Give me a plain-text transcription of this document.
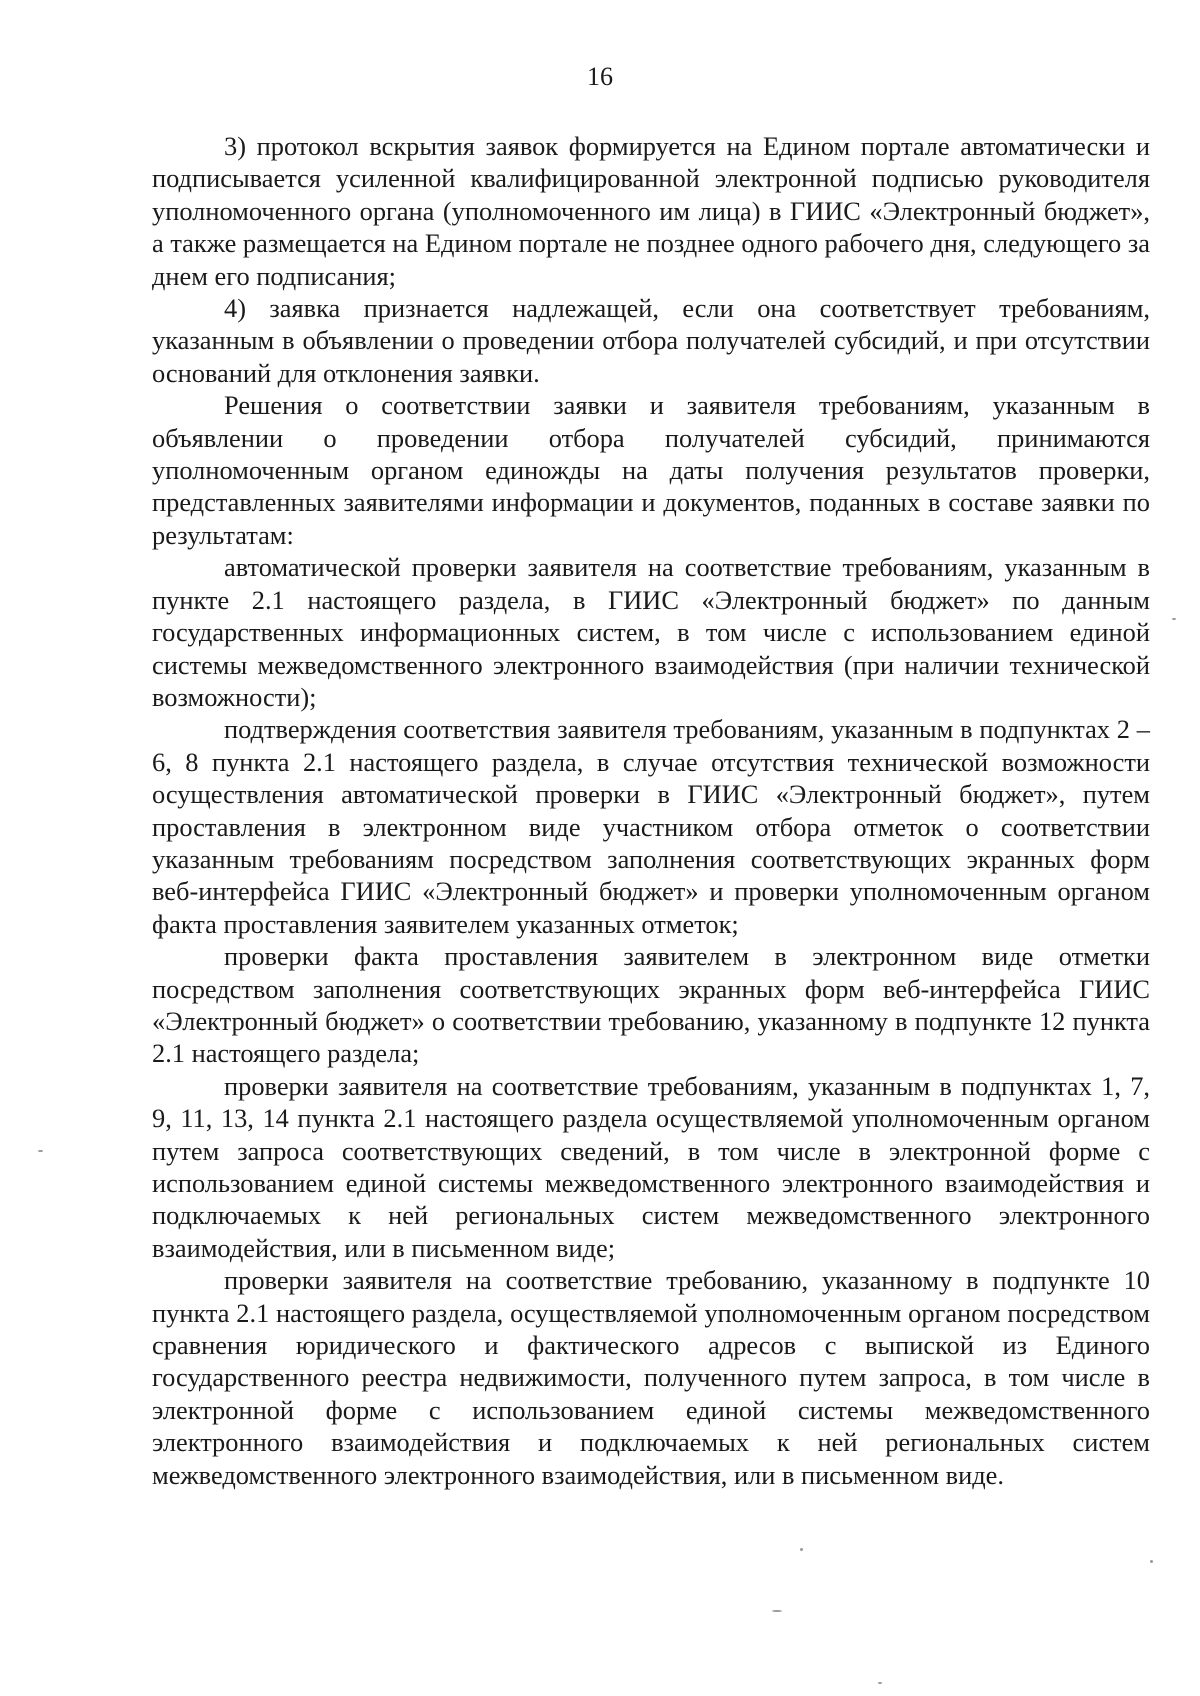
16

3) протокол вскрытия заявок формируется на Едином портале автоматически и подписывается усиленной квалифицированной электронной подписью руководителя уполномоченного органа (уполномоченного им лица) в ГИИС «Электронный бюджет», а также размещается на Едином портале не позднее одного рабочего дня, следующего за днем его подписания;

4) заявка признается надлежащей, если она соответствует требованиям, указанным в объявлении о проведении отбора получателей субсидий, и при отсутствии оснований для отклонения заявки.

Решения о соответствии заявки и заявителя требованиям, указанным в объявлении о проведении отбора получателей субсидий, принимаются уполномоченным органом единожды на даты получения результатов проверки, представленных заявителями информации и документов, поданных в составе заявки по результатам:

автоматической проверки заявителя на соответствие требованиям, указанным в пункте 2.1 настоящего раздела, в ГИИС «Электронный бюджет» по данным государственных информационных систем, в том числе с использованием единой системы межведомственного электронного взаимодействия (при наличии технической возможности);

подтверждения соответствия заявителя требованиям, указанным в подпунктах 2 – 6, 8 пункта 2.1 настоящего раздела, в случае отсутствия технической возможности осуществления автоматической проверки в ГИИС «Электронный бюджет», путем проставления в электронном виде участником отбора отметок о соответствии указанным требованиям посредством заполнения соответствующих экранных форм веб-интерфейса ГИИС «Электронный бюджет» и проверки уполномоченным органом факта проставления заявителем указанных отметок;

проверки факта проставления заявителем в электронном виде отметки посредством заполнения соответствующих экранных форм веб-интерфейса ГИИС «Электронный бюджет» о соответствии требованию, указанному в подпункте 12 пункта 2.1 настоящего раздела;

проверки заявителя на соответствие требованиям, указанным в подпунктах 1, 7, 9, 11, 13, 14 пункта 2.1 настоящего раздела осуществляемой уполномоченным органом путем запроса соответствующих сведений, в том числе в электронной форме с использованием единой системы межведомственного электронного взаимодействия и подключаемых к ней региональных систем межведомственного электронного взаимодействия, или в письменном виде;

проверки заявителя на соответствие требованию, указанному в подпункте 10 пункта 2.1 настоящего раздела, осуществляемой уполномоченным органом посредством сравнения юридического и фактического адресов с выпиской из Единого государственного реестра недвижимости, полученного путем запроса, в том числе в электронной форме с использованием единой системы межведомственного электронного взаимодействия и подключаемых к ней региональных систем межведомственного электронного взаимодействия, или в письменном виде.
